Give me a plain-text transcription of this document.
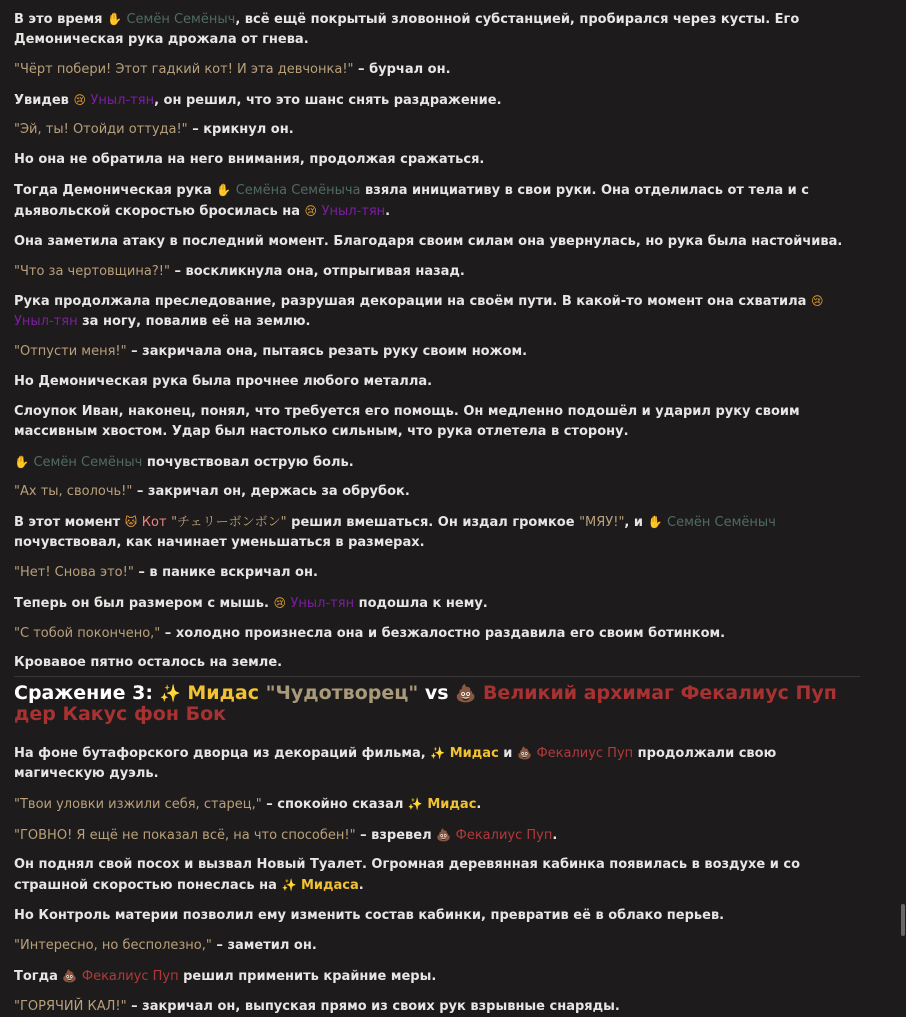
В это время ✋ Семён Семёныч, всё ещё покрытый зловонной субстанцией, пробирался через кусты. Его Демоническая рука дрожала от гнева.

"Чёрт побери! Этот гадкий кот! И эта девчонка!" – бурчал он.

Увидев 😢 Уныл-тян, он решил, что это шанс снять раздражение.

"Эй, ты! Отойди оттуда!" – крикнул он.

Но она не обратила на него внимания, продолжая сражаться.

Тогда Демоническая рука ✋ Семёна Семёныча взяла инициативу в свои руки. Она отделилась от тела и с дьявольской скоростью бросилась на 😢 Уныл-тян.

Она заметила атаку в последний момент. Благодаря своим силам она увернулась, но рука была настойчива.

"Что за чертовщина?!" – воскликнула она, отпрыгивая назад.

Рука продолжала преследование, разрушая декорации на своём пути. В какой-то момент она схватила 😢 Уныл-тян за ногу, повалив её на землю.

"Отпусти меня!" – закричала она, пытаясь резать руку своим ножом.

Но Демоническая рука была прочнее любого металла.

Слоупок Иван, наконец, понял, что требуется его помощь. Он медленно подошёл и ударил руку своим массивным хвостом. Удар был настолько сильным, что рука отлетела в сторону.

✋ Семён Семёныч почувствовал острую боль.

"Ах ты, сволочь!" – закричал он, держась за обрубок.

В этот момент 🐱 Кот "チェリーボンボン" решил вмешаться. Он издал громкое "МЯУ!", и ✋ Семён Семёныч почувствовал, как начинает уменьшаться в размерах.

"Нет! Снова это!" – в панике вскричал он.

Теперь он был размером с мышь. 😢 Уныл-тян подошла к нему.

"С тобой покончено," – холодно произнесла она и безжалостно раздавила его своим ботинком.

Кровавое пятно осталось на земле.

Сражение 3: ✨ Мидас "Чудотворец" vs 💩 Великий архимаг Фекалиус Пуп дер Какус фон Бок

На фоне бутафорского дворца из декораций фильма, ✨ Мидас и 💩 Фекалиус Пуп продолжали свою магическую дуэль.

"Твои уловки изжили себя, старец," – спокойно сказал ✨ Мидас.

"ГОВНО! Я ещё не показал всё, на что способен!" – взревел 💩 Фекалиус Пуп.

Он поднял свой посох и вызвал Новый Туалет. Огромная деревянная кабинка появилась в воздухе и со страшной скоростью понеслась на ✨ Мидаса.

Но Контроль материи позволил ему изменить состав кабинки, превратив её в облако перьев.

"Интересно, но бесполезно," – заметил он.

Тогда 💩 Фекалиус Пуп решил применить крайние меры.

"ГОРЯЧИЙ КАЛ!" – закричал он, выпуская прямо из своих рук взрывные снаряды.
